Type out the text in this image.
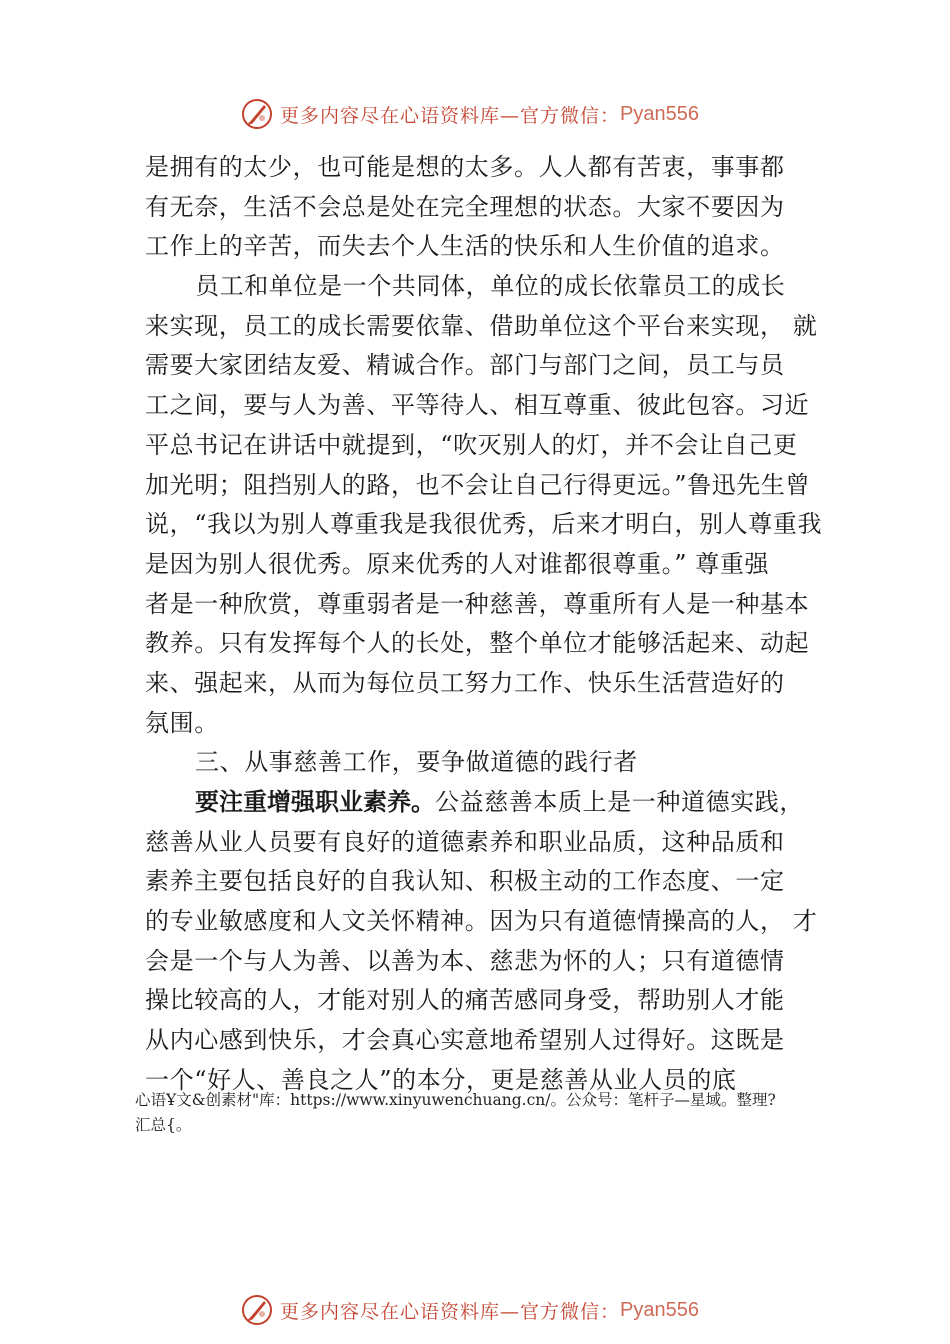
更多内容尽在心语资料库—官方微信： Pyan556
是拥有的太少，也可能是想的太多。人人都有苦衷，事事都
有无奈，生活不会总是处在完全理想的状态。大家不要因为
工作上的辛苦，而失去个人生活的快乐和人生价值的追求。
员工和单位是一个共同体，单位的成长依靠员工的成长
来实现，员工的成长需要依靠、借助单位这个平台来实现， 就
需要大家团结友爱、精诚合作。部门与部门之间，员工与员
工之间，要与人为善、平等待人、相互尊重、彼此包容。习近
平总书记在讲话中就提到，“吹灭别人的灯，并不会让自己更
加光明；阻挡别人的路，也不会让自己行得更远。”鲁迅先生曾
说，“我以为别人尊重我是我很优秀，后来才明白，别人尊重我
是因为别人很优秀。原来优秀的人对谁都很尊重。” 尊重强
者是一种欣赏，尊重弱者是一种慈善，尊重所有人是一种基本
教养。只有发挥每个人的长处，整个单位才能够活起来、动起
来、强起来，从而为每位员工努力工作、快乐生活营造好的
氛围。
三、从事慈善工作，要争做道德的践行者
要注重增强职业素养。公益慈善本质上是一种道德实践，
慈善从业人员要有良好的道德素养和职业品质，这种品质和
素养主要包括良好的自我认知、积极主动的工作态度、一定
的专业敏感度和人文关怀精神。因为只有道德情操高的人， 才
会是一个与人为善、以善为本、慈悲为怀的人；只有道德情
操比较高的人，才能对别人的痛苦感同身受，帮助别人才能
从内心感到快乐，才会真心实意地希望别人过得好。这既是
一个“好人、善良之人”的本分，更是慈善从业人员的底
心语Ұ文&创素材"库：https://www.xinyuwenchuang.cn/。公众号：笔杆子—星域。整理?
汇总{。
更多内容尽在心语资料库—官方微信： Pyan556
